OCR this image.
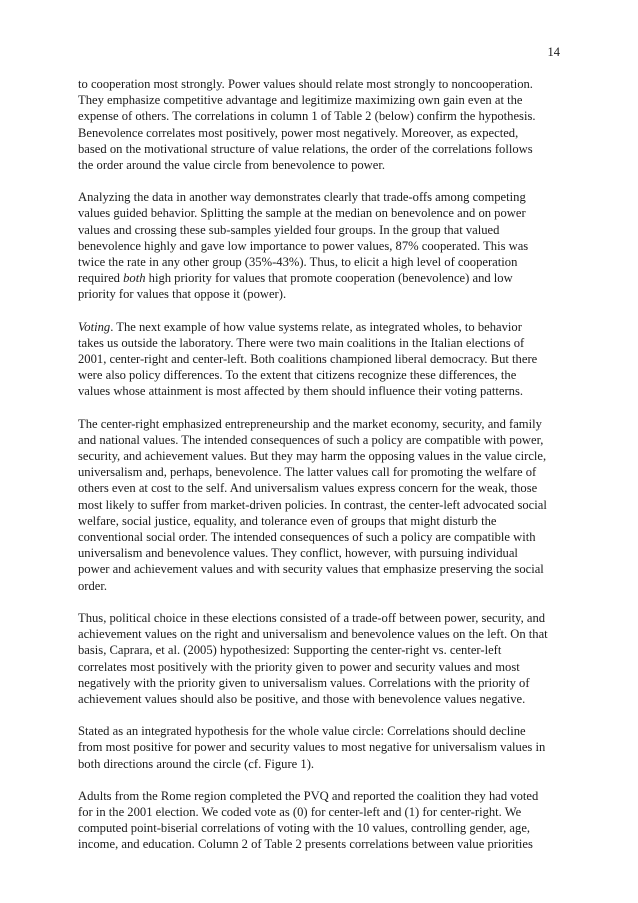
14

to cooperation most strongly. Power values should relate most strongly to noncooperation.
They emphasize competitive advantage and legitimize maximizing own gain even at the
expense of others. The correlations in column 1 of Table 2 (below) confirm the hypothesis.
Benevolence correlates most positively, power most negatively. Moreover, as expected,
based on the motivational structure of value relations, the order of the correlations follows
the order around the value circle from benevolence to power.

Analyzing the data in another way demonstrates clearly that trade-offs among competing
values guided behavior. Splitting the sample at the median on benevolence and on power
values and crossing these sub-samples yielded four groups. In the group that valued
benevolence highly and gave low importance to power values, 87% cooperated. This was
twice the rate in any other group (35%-43%). Thus, to elicit a high level of cooperation
required both high priority for values that promote cooperation (benevolence) and low
priority for values that oppose it (power).

Voting. The next example of how value systems relate, as integrated wholes, to behavior
takes us outside the laboratory. There were two main coalitions in the Italian elections of
2001, center-right and center-left. Both coalitions championed liberal democracy. But there
were also policy differences. To the extent that citizens recognize these differences, the
values whose attainment is most affected by them should influence their voting patterns.

The center-right emphasized entrepreneurship and the market economy, security, and family
and national values. The intended consequences of such a policy are compatible with power,
security, and achievement values. But they may harm the opposing values in the value circle,
universalism and, perhaps, benevolence. The latter values call for promoting the welfare of
others even at cost to the self. And universalism values express concern for the weak, those
most likely to suffer from market-driven policies. In contrast, the center-left advocated social
welfare, social justice, equality, and tolerance even of groups that might disturb the
conventional social order. The intended consequences of such a policy are compatible with
universalism and benevolence values. They conflict, however, with pursuing individual
power and achievement values and with security values that emphasize preserving the social
order.

Thus, political choice in these elections consisted of a trade-off between power, security, and
achievement values on the right and universalism and benevolence values on the left. On that
basis, Caprara, et al. (2005) hypothesized: Supporting the center-right vs. center-left
correlates most positively with the priority given to power and security values and most
negatively with the priority given to universalism values. Correlations with the priority of
achievement values should also be positive, and those with benevolence values negative.

Stated as an integrated hypothesis for the whole value circle: Correlations should decline
from most positive for power and security values to most negative for universalism values in
both directions around the circle (cf. Figure 1).

Adults from the Rome region completed the PVQ and reported the coalition they had voted
for in the 2001 election. We coded vote as (0) for center-left and (1) for center-right. We
computed point-biserial correlations of voting with the 10 values, controlling gender, age,
income, and education. Column 2 of Table 2 presents correlations between value priorities
